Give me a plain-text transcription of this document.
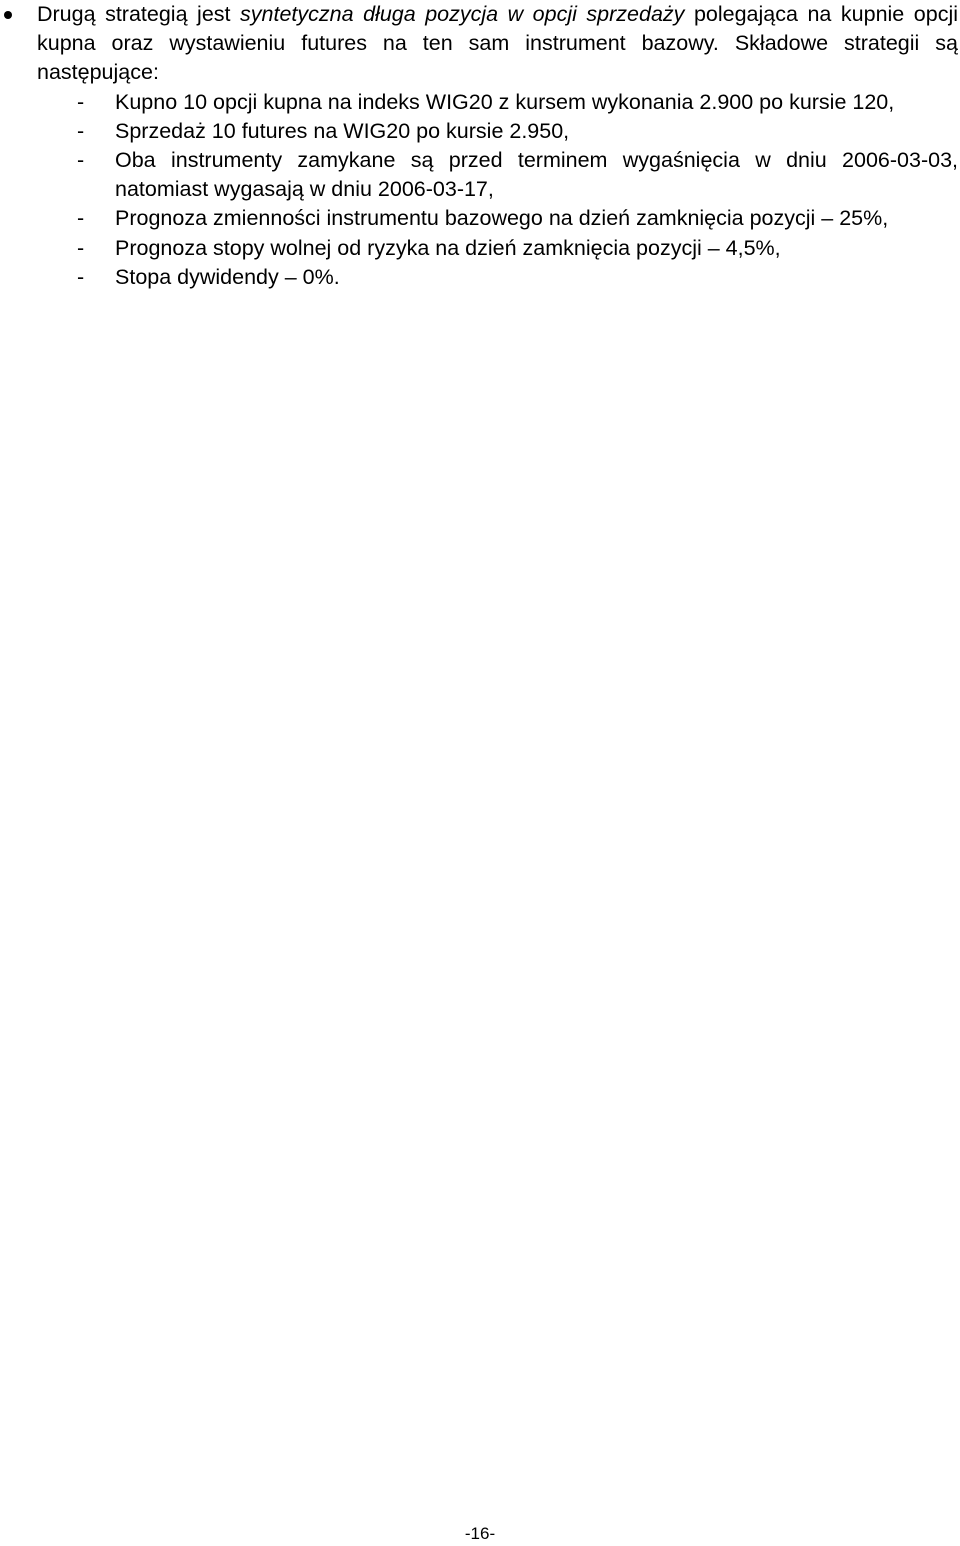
Drugą strategią jest syntetyczna długa pozycja w opcji sprzedaży polegająca na kupnie opcji kupna oraz wystawieniu futures na ten sam instrument bazowy. Składowe strategii są następujące:
-	Kupno 10 opcji kupna na indeks WIG20 z kursem wykonania 2.900 po kursie 120,
-	Sprzedaż 10 futures na WIG20 po kursie 2.950,
-	Oba instrumenty zamykane są przed terminem wygaśnięcia w dniu 2006-03-03, natomiast wygasają w dniu 2006-03-17,
-	Prognoza zmienności instrumentu bazowego na dzień zamknięcia pozycji – 25%,
-	Prognoza stopy wolnej od ryzyka na dzień zamknięcia pozycji – 4,5%,
-	Stopa dywidendy – 0%.
-16-
